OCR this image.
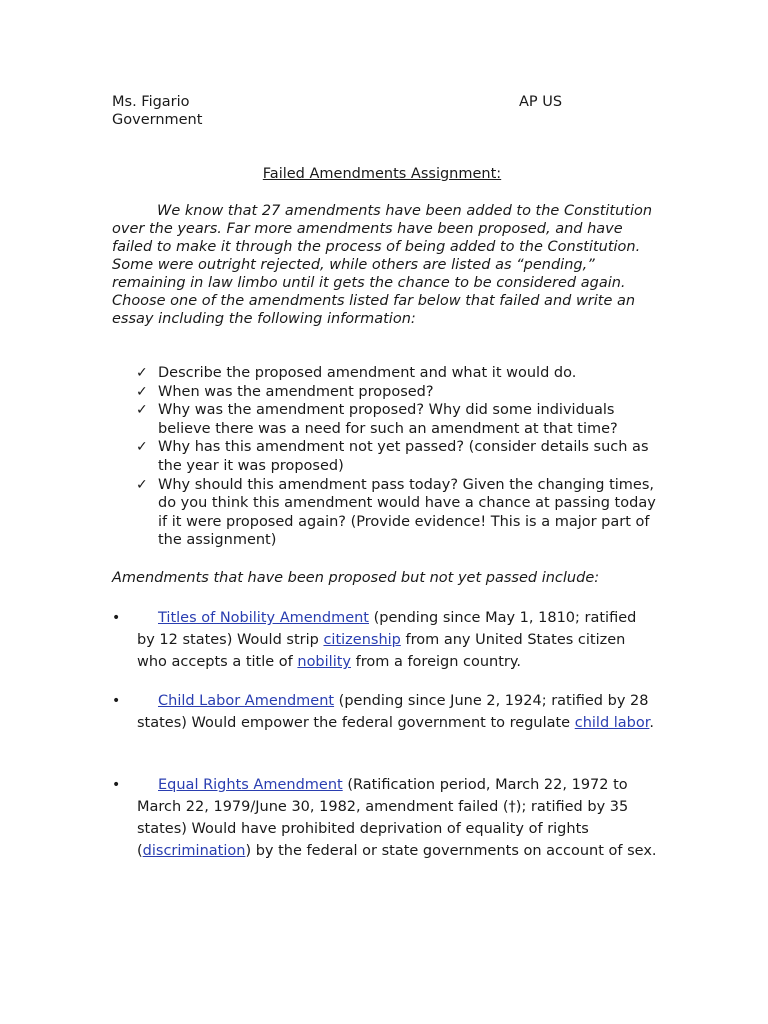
Ms. Figario	AP US
Government
Failed Amendments Assignment:

We know that 27 amendments have been added to the Constitution over the years. Far more amendments have been proposed, and have failed to make it through the process of being added to the Constitution. Some were outright rejected, while others are listed as “pending,” remaining in law limbo until it gets the chance to be considered again. Choose one of the amendments listed far below that failed and write an essay including the following information:

✓ Describe the proposed amendment and what it would do.
✓ When was the amendment proposed?
✓ Why was the amendment proposed? Why did some individuals believe there was a need for such an amendment at that time?
✓ Why has this amendment not yet passed? (consider details such as the year it was proposed)
✓ Why should this amendment pass today? Given the changing times, do you think this amendment would have a chance at passing today if it were proposed again? (Provide evidence! This is a major part of the assignment)
Amendments that have been proposed but not yet passed include:
•	Titles of Nobility Amendment (pending since May 1, 1810; ratified by 12 states) Would strip citizenship from any United States citizen who accepts a title of nobility from a foreign country.
•	Child Labor Amendment (pending since June 2, 1924; ratified by 28 states) Would empower the federal government to regulate child labor.
•	Equal Rights Amendment (Ratification period, March 22, 1972 to March 22, 1979/June 30, 1982, amendment failed (†); ratified by 35 states) Would have prohibited deprivation of equality of rights (discrimination) by the federal or state governments on account of sex.
